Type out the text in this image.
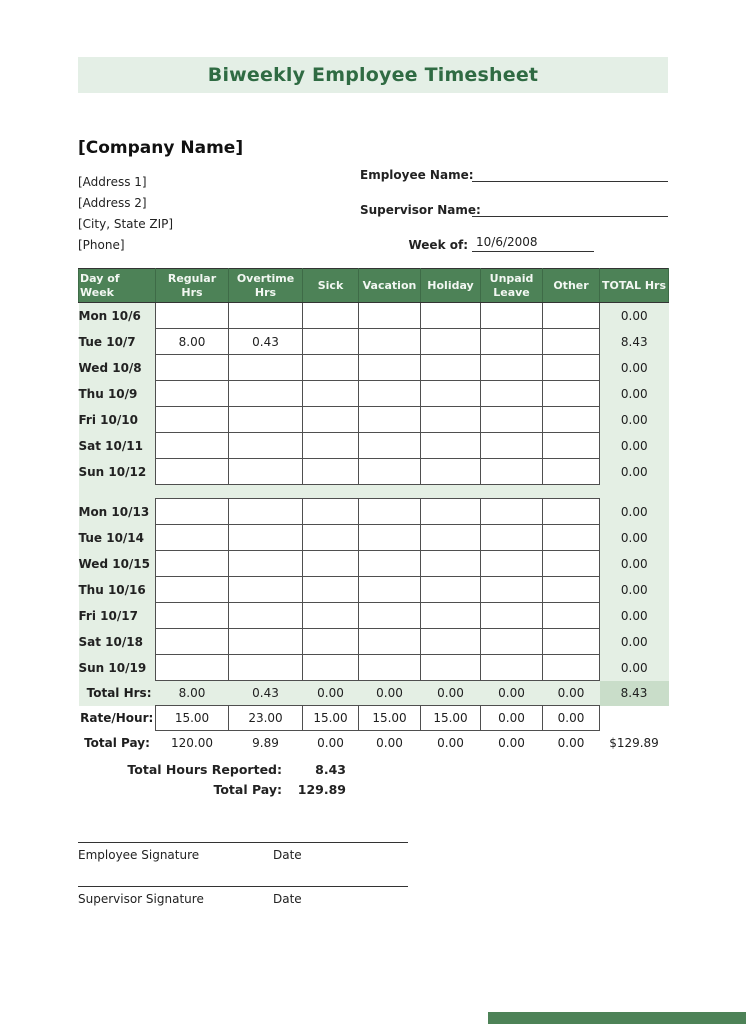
Biweekly Employee Timesheet
[Company Name]
[Address 1]
[Address 2]
[City, State ZIP]
[Phone]
Employee Name:
Supervisor Name:
Week of: 10/6/2008
Day of Week	Regular Hrs	Overtime Hrs	Sick	Vacation	Holiday	Unpaid Leave	Other	TOTAL Hrs
Mon 10/6								0.00
Tue 10/7	8.00	0.43						8.43
Wed 10/8								0.00
Thu 10/9								0.00
Fri 10/10								0.00
Sat 10/11								0.00
Sun 10/12								0.00

Mon 10/13								0.00
Tue 10/14								0.00
Wed 10/15								0.00
Thu 10/16								0.00
Fri 10/17								0.00
Sat 10/18								0.00
Sun 10/19								0.00
Total Hrs:	8.00	0.43	0.00	0.00	0.00	0.00	0.00	8.43
Rate/Hour:	15.00	23.00	15.00	15.00	15.00	0.00	0.00	
Total Pay:	120.00	9.89	0.00	0.00	0.00	0.00	0.00	$129.89
Total Hours Reported:	8.43
Total Pay:	129.89
Employee Signature	Date
Supervisor Signature	Date
